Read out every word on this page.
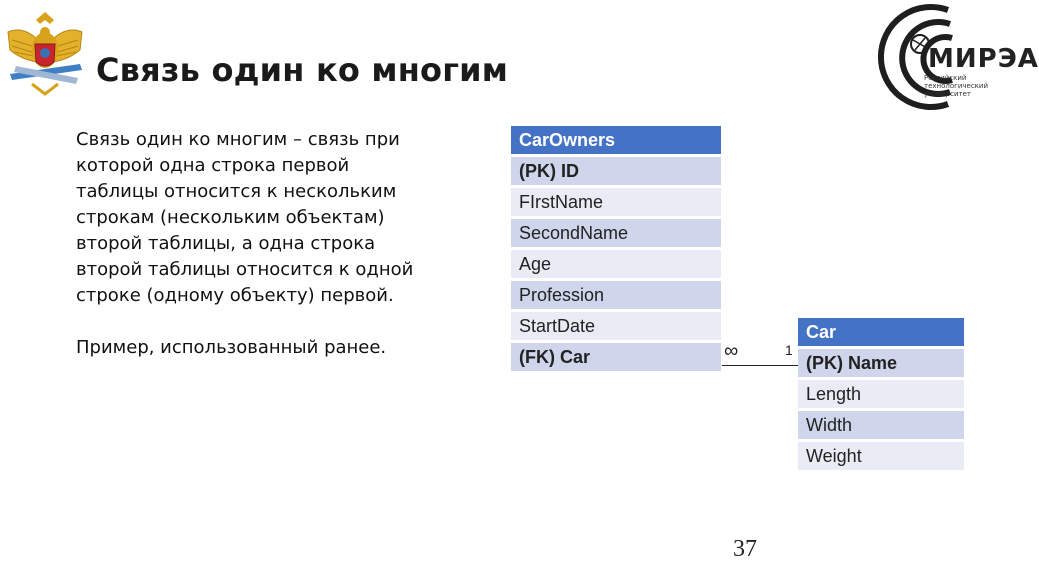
Связь один ко многим	МИРЭА
Российский технологический университет

Связь один ко многим – связь при которой одна строка первой таблицы относится к нескольким строкам (нескольким объектам) второй таблицы, а одна строка второй таблицы относится к одной строке (одному объекту) первой.

Пример, использованный ранее.

CarOwners
(PK) ID
FIrstName
SecondName
Age
Profession
StartDate
(FK) Car	∞	1
Car
(PK) Name
Length
Width
Weight
37
